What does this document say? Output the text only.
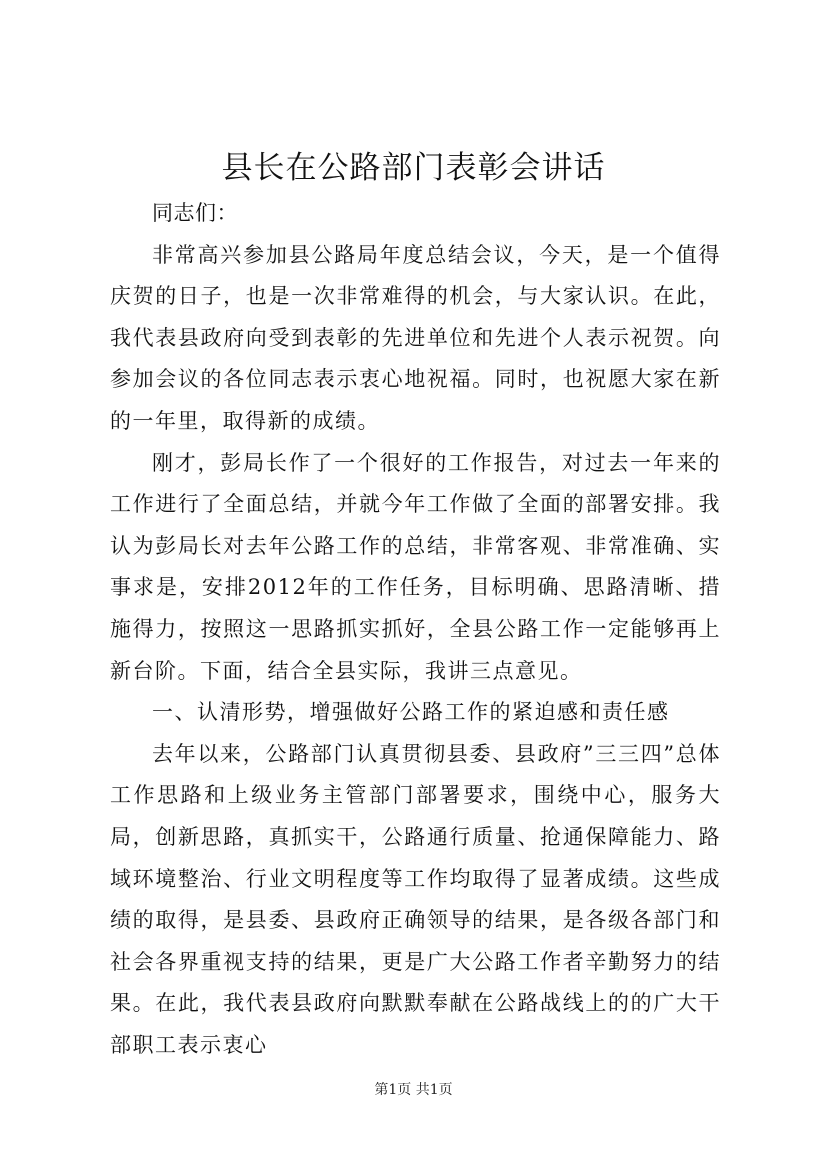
县长在公路部门表彰会讲话

同志们：

非常高兴参加县公路局年度总结会议，今天，是一个值得庆贺的日子，也是一次非常难得的机会，与大家认识。在此，我代表县政府向受到表彰的先进单位和先进个人表示祝贺。向参加会议的各位同志表示衷心地祝福。同时，也祝愿大家在新的一年里，取得新的成绩。

刚才，彭局长作了一个很好的工作报告，对过去一年来的工作进行了全面总结，并就今年工作做了全面的部署安排。我认为彭局长对去年公路工作的总结，非常客观、非常准确、实事求是，安排2012年的工作任务，目标明确、思路清晰、措施得力，按照这一思路抓实抓好，全县公路工作一定能够再上新台阶。下面，结合全县实际，我讲三点意见。

一、认清形势，增强做好公路工作的紧迫感和责任感

去年以来，公路部门认真贯彻县委、县政府”三三四”总体工作思路和上级业务主管部门部署要求，围绕中心，服务大局，创新思路，真抓实干，公路通行质量、抢通保障能力、路域环境整治、行业文明程度等工作均取得了显著成绩。这些成绩的取得，是县委、县政府正确领导的结果，是各级各部门和社会各界重视支持的结果，更是广大公路工作者辛勤努力的结果。在此，我代表县政府向默默奉献在公路战线上的的广大干部职工表示衷心

第1页 共1页
